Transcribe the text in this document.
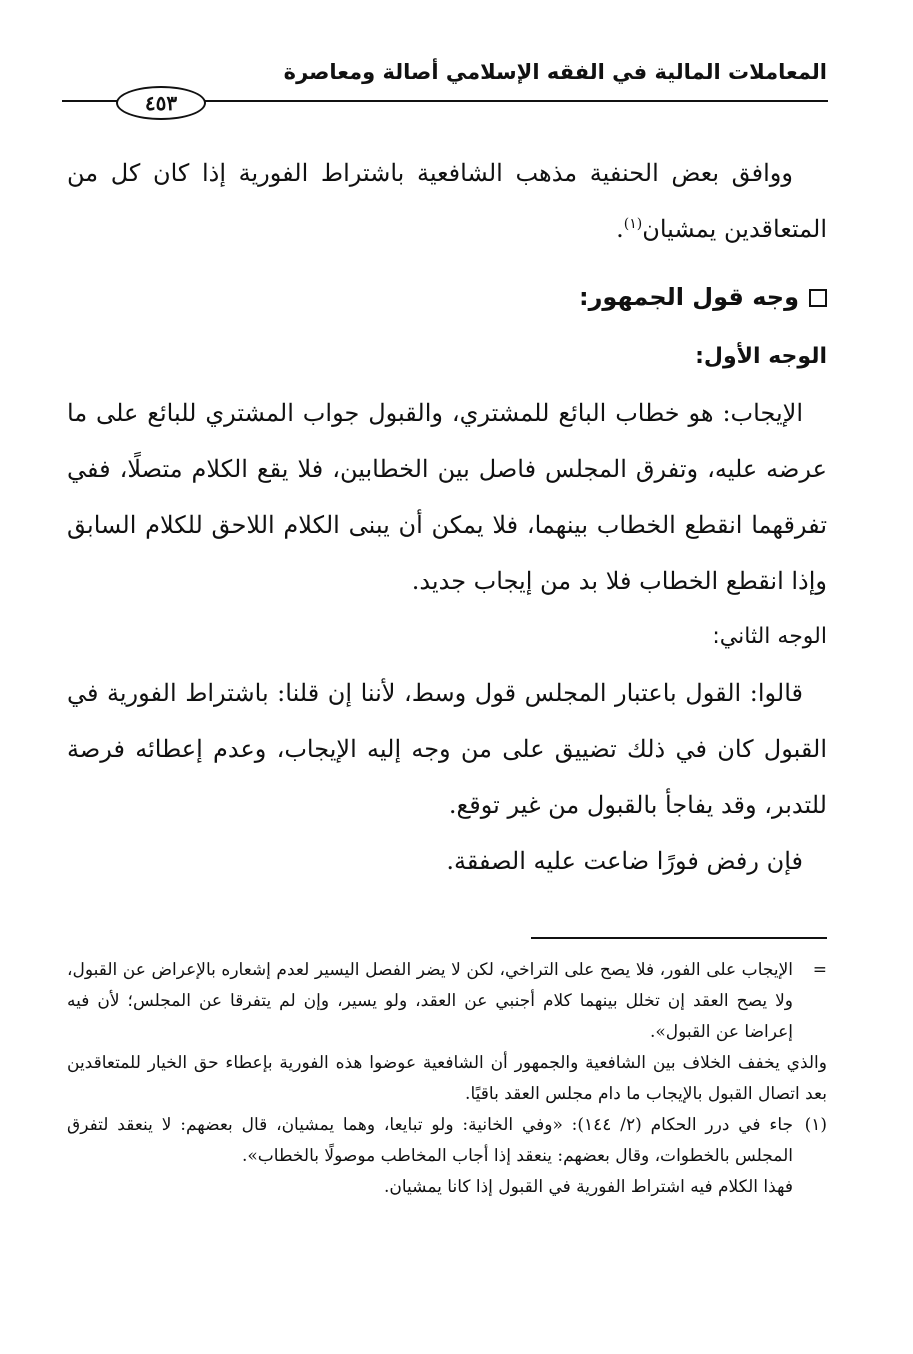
المعاملات المالية في الفقه الإسلامي أصالة ومعاصرة
٤٥٣

ووافق بعض الحنفية مذهب الشافعية باشتراط الفورية إذا كان كل من المتعاقدين يمشيان$^{(١)}$.

وجه قول الجمهور:

الوجه الأول:

الإيجاب: هو خطاب البائع للمشتري، والقبول جواب المشتري للبائع على ما عرضه عليه، وتفرق المجلس فاصل بين الخطابين، فلا يقع الكلام متصلًا، ففي تفرقهما انقطع الخطاب بينهما، فلا يمكن أن يبنى الكلام اللاحق للكلام السابق وإذا انقطع الخطاب فلا بد من إيجاب جديد.

الوجه الثاني:

قالوا: القول باعتبار المجلس قول وسط، لأننا إن قلنا: باشتراط الفورية في القبول كان في ذلك تضييق على من وجه إليه الإيجاب، وعدم إعطائه فرصة للتدبر، وقد يفاجأ بالقبول من غير توقع.

فإن رفض فورًا ضاعت عليه الصفقة.

=

الإيجاب على الفور، فلا يصح على التراخي، لكن لا يضر الفصل اليسير لعدم إشعاره بالإعراض عن القبول، ولا يصح العقد إن تخلل بينهما كلام أجنبي عن العقد، ولو يسير، وإن لم يتفرقا عن المجلس؛ لأن فيه إعراضا عن القبول».

والذي يخفف الخلاف بين الشافعية والجمهور أن الشافعية عوضوا هذه الفورية بإعطاء حق الخيار للمتعاقدين بعد اتصال القبول بالإيجاب ما دام مجلس العقد باقيًا.

(١)

جاء في درر الحكام (٢/ ١٤٤): «وفي الخانية: ولو تبايعا، وهما يمشيان، قال بعضهم: لا ينعقد لتفرق المجلس بالخطوات، وقال بعضهم: ينعقد إذا أجاب المخاطب موصولًا بالخطاب».

فهذا الكلام فيه اشتراط الفورية في القبول إذا كانا يمشيان.
